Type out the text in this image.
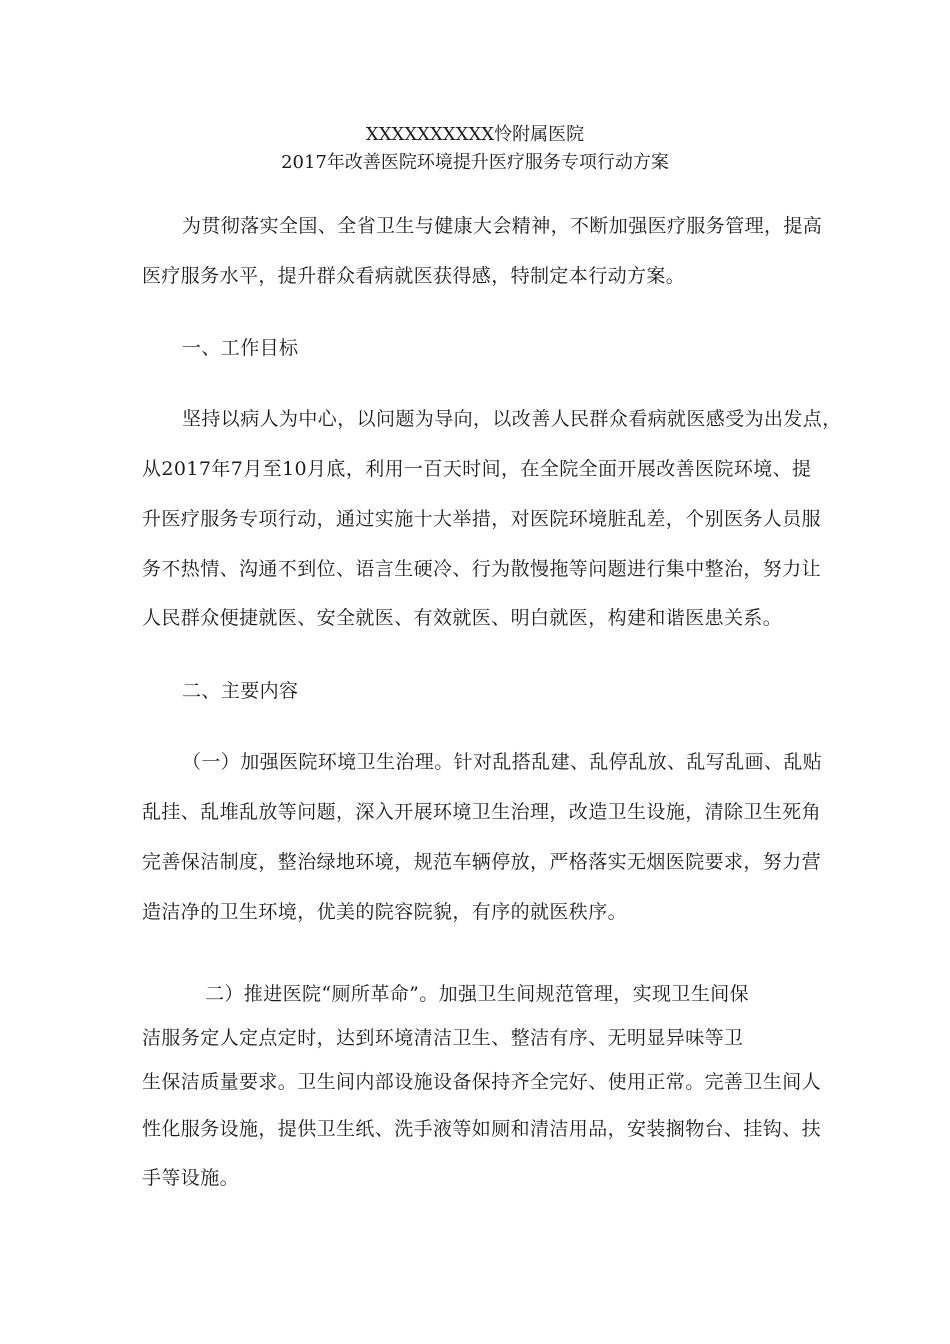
XXXXXXXXXX怜附属医院
2017年改善医院环境提升医疗服务专项行动方案
为贯彻落实全国、全省卫生与健康大会精神，不断加强医疗服务管理，提高
医疗服务水平，提升群众看病就医获得感，特制定本行动方案。
一、工作目标
坚持以病人为中心，以问题为导向，以改善人民群众看病就医感受为出发点，
从2017年7月至10月底，利用一百天时间，在全院全面开展改善医院环境、提
升医疗服务专项行动，通过实施十大举措，对医院环境脏乱差，个别医务人员服
务不热情、沟通不到位、语言生硬冷、行为散慢拖等问题进行集中整治，努力让
人民群众便捷就医、安全就医、有效就医、明白就医，构建和谐医患关系。
二、主要内容
（一）加强医院环境卫生治理。针对乱搭乱建、乱停乱放、乱写乱画、乱贴
乱挂、乱堆乱放等问题，深入开展环境卫生治理，改造卫生设施，清除卫生死角
完善保洁制度，整治绿地环境，规范车辆停放，严格落实无烟医院要求，努力营
造洁净的卫生环境，优美的院容院貌，有序的就医秩序。
二）推进医院“厕所革命”。加强卫生间规范管理，实现卫生间保
洁服务定人定点定时，达到环境清洁卫生、整洁有序、无明显异味等卫
生保洁质量要求。卫生间内部设施设备保持齐全完好、使用正常。完善卫生间人
性化服务设施，提供卫生纸、洗手液等如厕和清洁用品，安装搁物台、挂钩、扶
手等设施。
